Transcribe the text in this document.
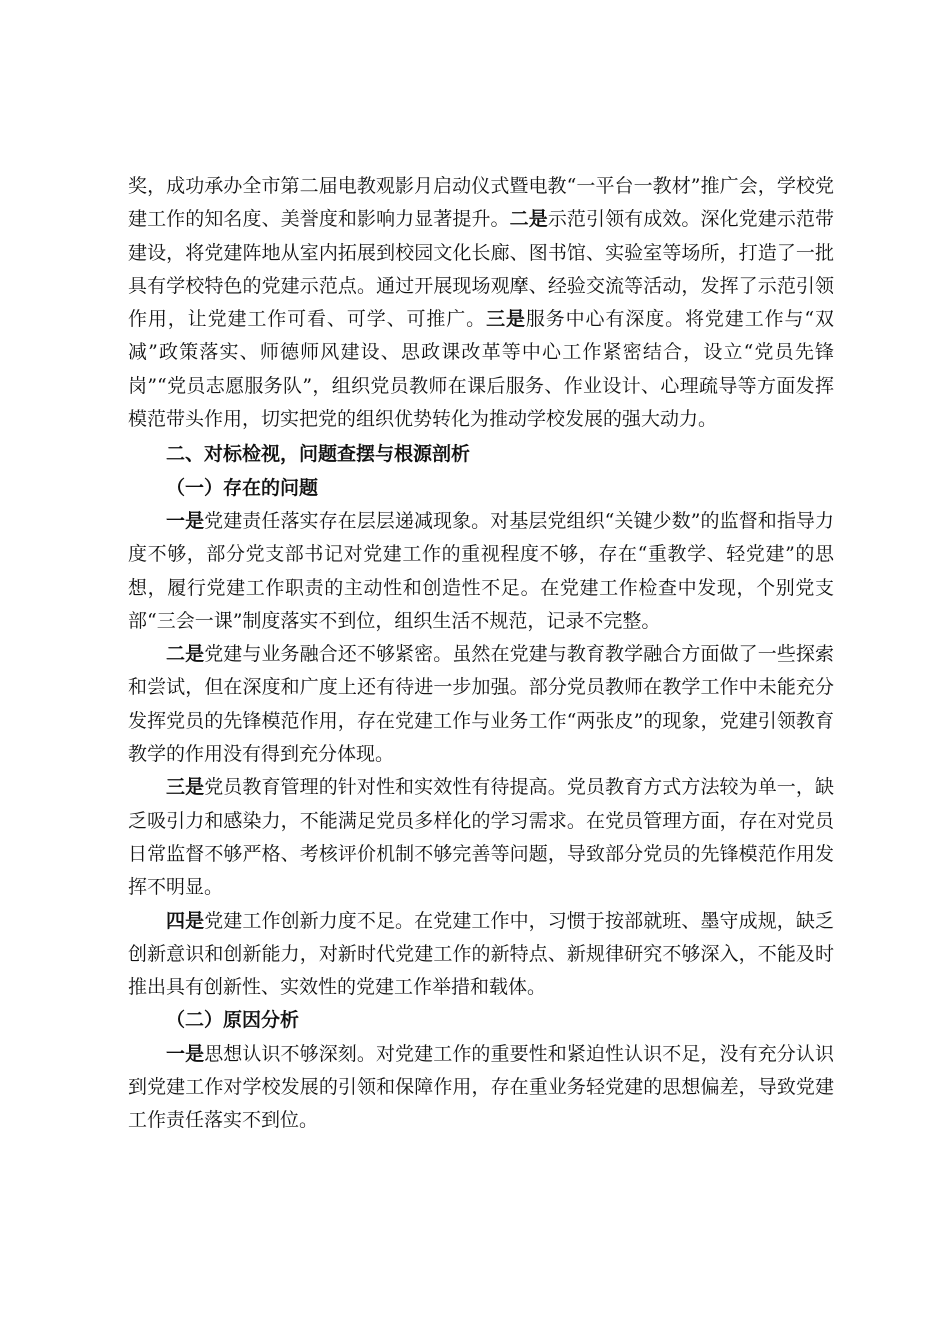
奖，成功承办全市第二届电教观影月启动仪式暨电教“一平台一教材”推广会，学校党建工作的知名度、美誉度和影响力显著提升。二是示范引领有成效。深化党建示范带建设，将党建阵地从室内拓展到校园文化长廊、图书馆、实验室等场所，打造了一批具有学校特色的党建示范点。通过开展现场观摩、经验交流等活动，发挥了示范引领作用，让党建工作可看、可学、可推广。三是服务中心有深度。将党建工作与“双减”政策落实、师德师风建设、思政课改革等中心工作紧密结合，设立“党员先锋岗”“党员志愿服务队”，组织党员教师在课后服务、作业设计、心理疏导等方面发挥模范带头作用，切实把党的组织优势转化为推动学校发展的强大动力。

二、对标检视，问题查摆与根源剖析

（一）存在的问题

一是党建责任落实存在层层递减现象。对基层党组织“关键少数”的监督和指导力度不够，部分党支部书记对党建工作的重视程度不够，存在“重教学、轻党建”的思想，履行党建工作职责的主动性和创造性不足。在党建工作检查中发现，个别党支部“三会一课”制度落实不到位，组织生活不规范，记录不完整。

二是党建与业务融合还不够紧密。虽然在党建与教育教学融合方面做了一些探索和尝试，但在深度和广度上还有待进一步加强。部分党员教师在教学工作中未能充分发挥党员的先锋模范作用，存在党建工作与业务工作“两张皮”的现象，党建引领教育教学的作用没有得到充分体现。

三是党员教育管理的针对性和实效性有待提高。党员教育方式方法较为单一，缺乏吸引力和感染力，不能满足党员多样化的学习需求。在党员管理方面，存在对党员日常监督不够严格、考核评价机制不够完善等问题，导致部分党员的先锋模范作用发挥不明显。

四是党建工作创新力度不足。在党建工作中，习惯于按部就班、墨守成规，缺乏创新意识和创新能力，对新时代党建工作的新特点、新规律研究不够深入，不能及时推出具有创新性、实效性的党建工作举措和载体。

（二）原因分析

一是思想认识不够深刻。对党建工作的重要性和紧迫性认识不足，没有充分认识到党建工作对学校发展的引领和保障作用，存在重业务轻党建的思想偏差，导致党建工作责任落实不到位。
